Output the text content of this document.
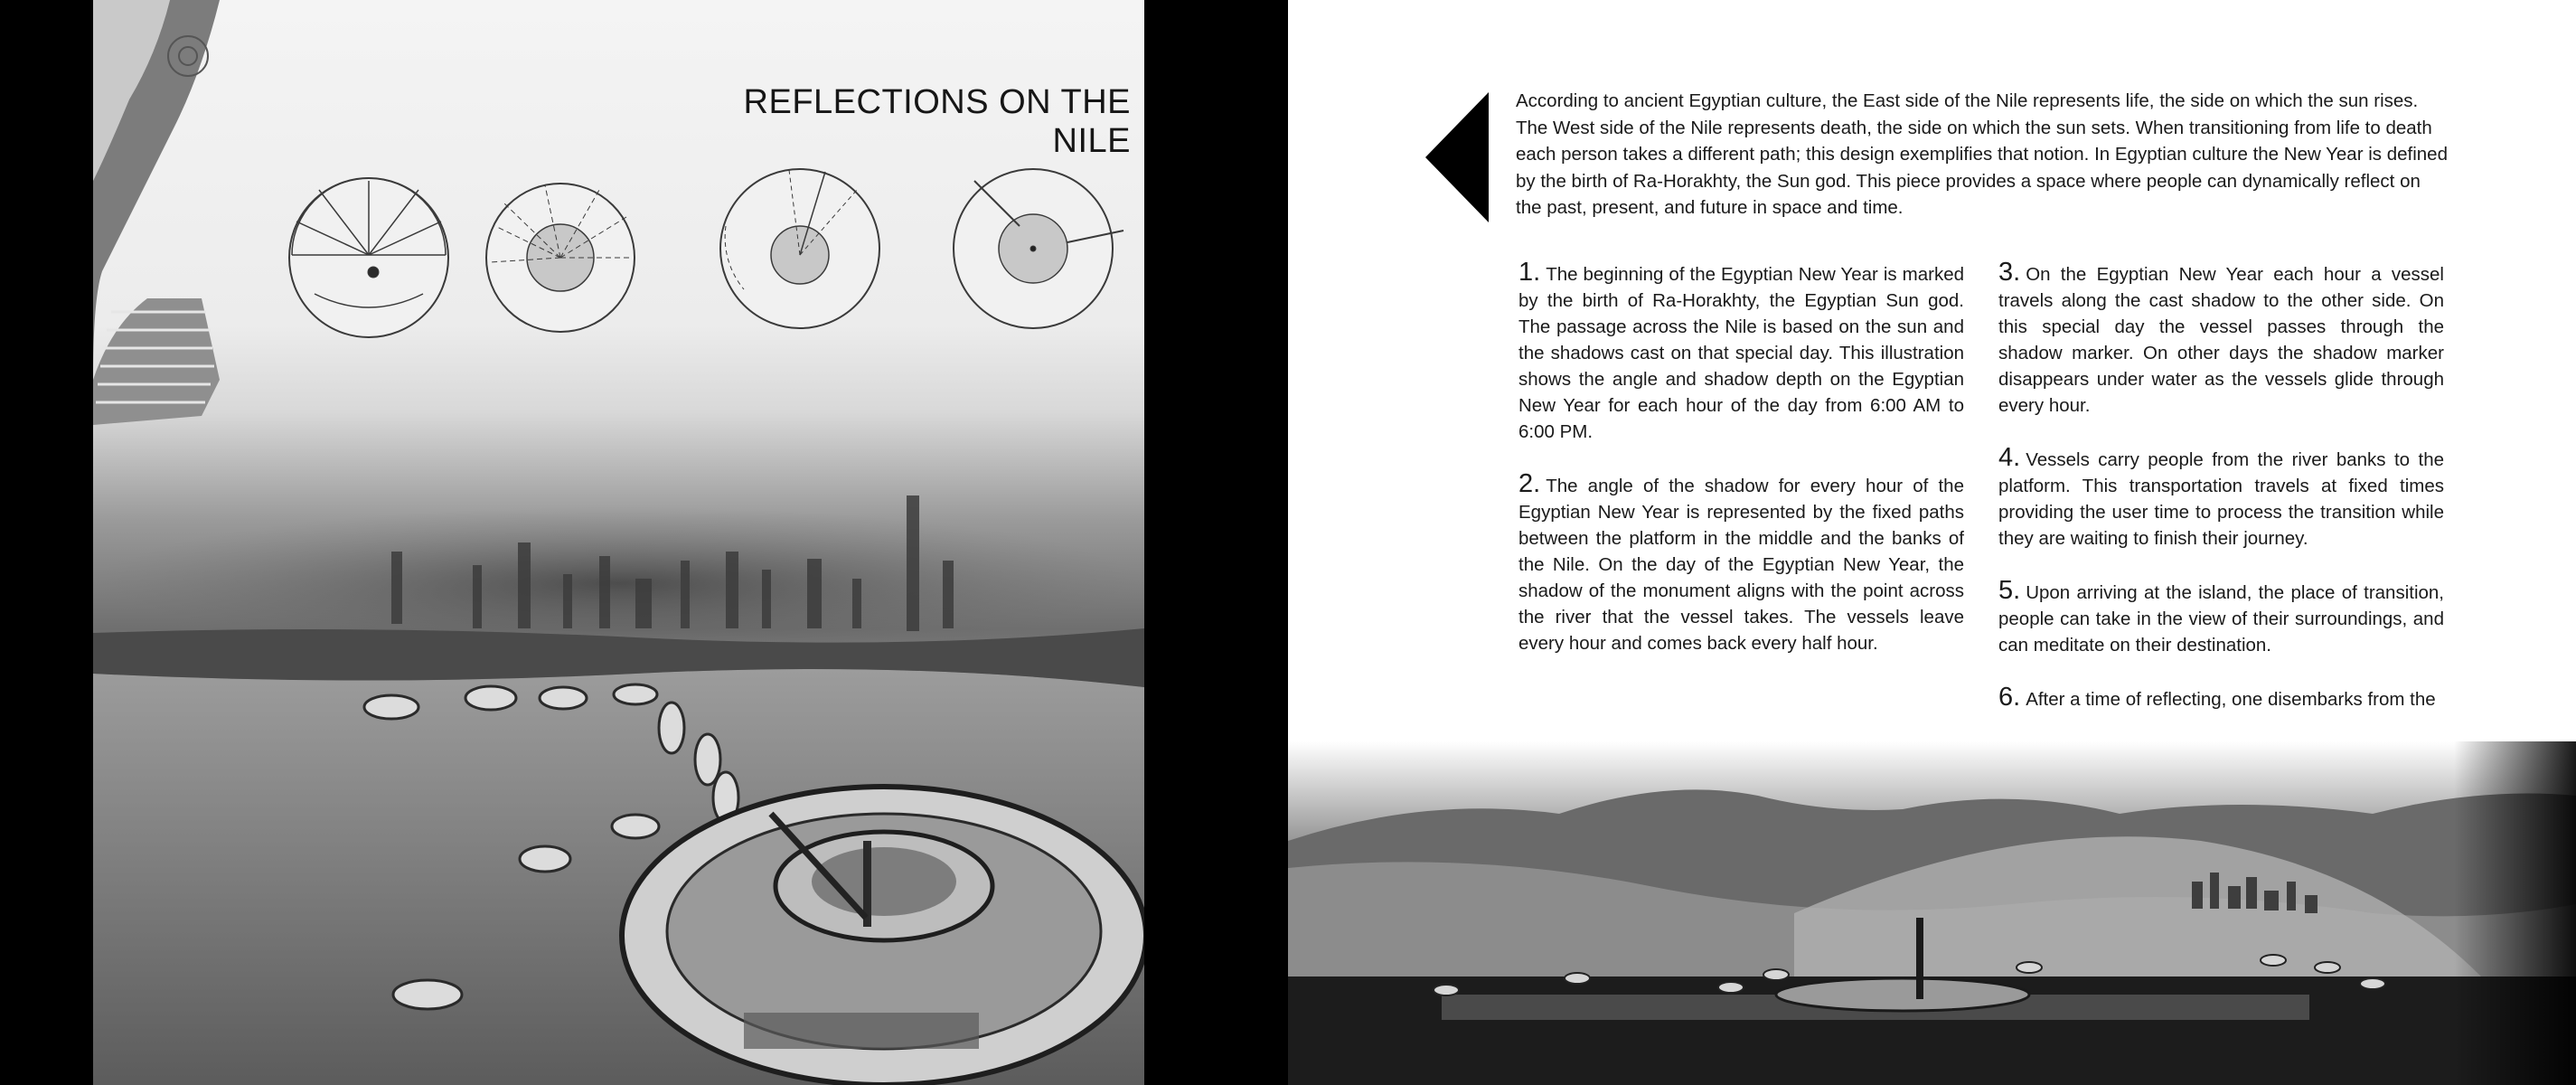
REFLECTIONS ON THE NILE
According to ancient Egyptian culture, the East side of the Nile represents life, the side on which the sun rises. The West side of the Nile represents death, the side on which the sun sets. When transitioning from life to death each person takes a different path; this design exemplifies that notion. In Egyptian culture the New Year is defined by the birth of Ra-Horakhty, the Sun god. This piece provides a space where people can dynamically reflect on the past, present, and future in space and time.

1. The beginning of the Egyptian New Year is marked by the birth of Ra-Horakhty, the Egyptian Sun god. The passage across the Nile is based on the sun and the shadows cast on that special day. This illustration shows the angle and shadow depth on the Egyptian New Year for each hour of the day from 6:00 AM to 6:00 PM.

2. The angle of the shadow for every hour of the Egyptian New Year is represented by the fixed paths between the platform in the middle and the banks of the Nile. On the day of the Egyptian New Year, the shadow of the monument aligns with the point across the river that the vessel takes. The vessels leave every hour and comes back every half hour.

3. On the Egyptian New Year each hour a vessel travels along the cast shadow to the other side. On this special day the vessel passes through the shadow marker. On other days the shadow marker disappears under water as the vessels glide through every hour.

4. Vessels carry people from the river banks to the platform. This transportation travels at fixed times providing the user time to process the transition while they are waiting to finish their journey.

5. Upon arriving at the island, the place of transition, people can take in the view of their surroundings, and can meditate on their destination.

6. After a time of reflecting, one disembarks from the
